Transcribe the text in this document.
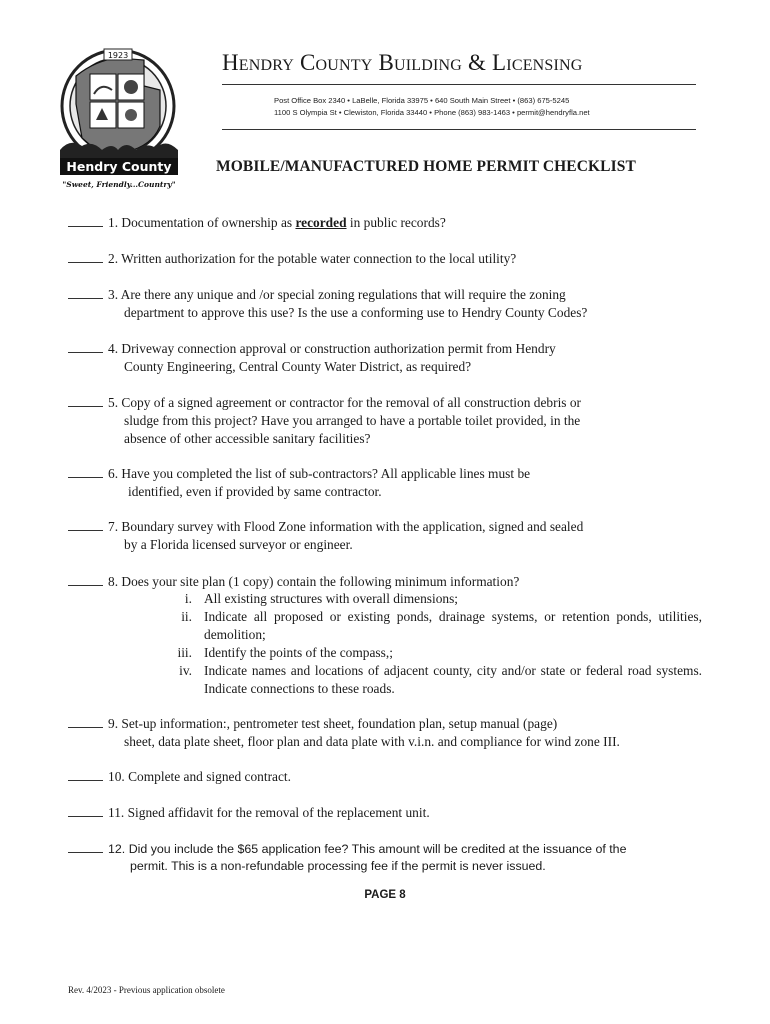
1923
Hendry County
"Sweet, Friendly...Country"
Hendry County Building & Licensing
Post Office Box 2340 • LaBelle, Florida 33975 • 640 South Main Street • (863) 675-5245
1100 S Olympia St • Clewiston, Florida 33440 • Phone (863) 983-1463 • permit@hendryfla.net
MOBILE/MANUFACTURED HOME PERMIT CHECKLIST
1. Documentation of ownership as recorded in public records?
2. Written authorization for the potable water connection to the local utility?
3. Are there any unique and /or special zoning regulations that will require the zoning
department to approve this use? Is the use a conforming use to Hendry County Codes?
4. Driveway connection approval or construction authorization permit from Hendry
County Engineering, Central County Water District, as required?
5. Copy of a signed agreement or contractor for the removal of all construction debris or
sludge from this project? Have you arranged to have a portable toilet provided, in the
absence of other accessible sanitary facilities?
6. Have you completed the list of sub-contractors? All applicable lines must be
identified, even if provided by same contractor.
7. Boundary survey with Flood Zone information with the application, signed and sealed
by a Florida licensed surveyor or engineer.
8. Does your site plan (1 copy) contain the following minimum information?
i. All existing structures with overall dimensions;
ii. Indicate all proposed or existing ponds, drainage systems, or retention ponds, utilities, demolition;
iii. Identify the points of the compass,;
iv. Indicate names and locations of adjacent county, city and/or state or federal road systems. Indicate connections to these roads.
9. Set-up information:, pentrometer test sheet, foundation plan, setup manual (page)
sheet, data plate sheet, floor plan and data plate with v.i.n. and compliance for wind zone III.
10. Complete and signed contract.
11. Signed affidavit for the removal of the replacement unit.
12. Did you include the $65 application fee? This amount will be credited at the issuance of the
permit. This is a non-refundable processing fee if the permit is never issued.
PAGE 8
Rev. 4/2023 - Previous application obsolete
